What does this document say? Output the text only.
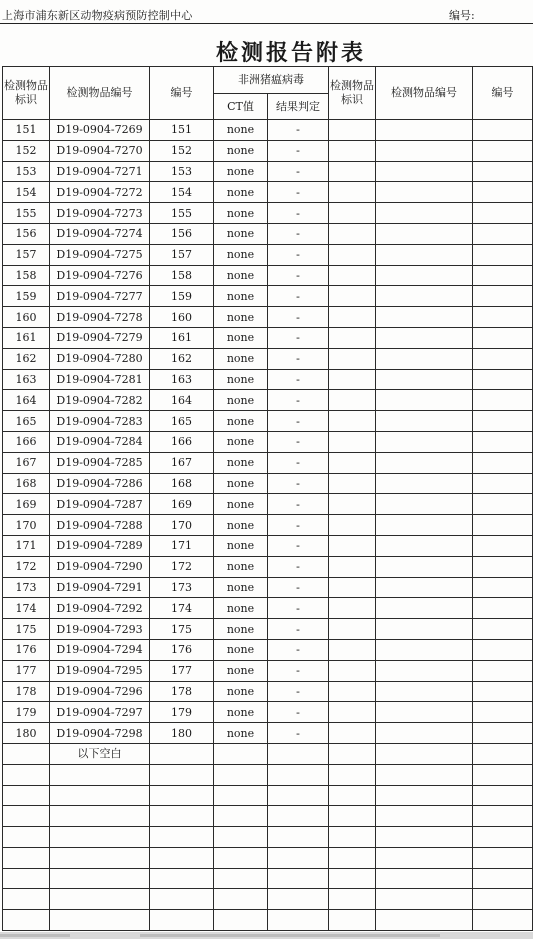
上海市浦东新区动物疫病预防控制中心	编号:
检测报告附表
检测物品标识	检测物品编号	编号	非洲猪瘟病毒		检测物品标识	检测物品编号	编号
			CT值	结果判定			
151	D19-0904-7269	151	none	-			
152	D19-0904-7270	152	none	-			
153	D19-0904-7271	153	none	-			
154	D19-0904-7272	154	none	-			
155	D19-0904-7273	155	none	-			
156	D19-0904-7274	156	none	-			
157	D19-0904-7275	157	none	-			
158	D19-0904-7276	158	none	-			
159	D19-0904-7277	159	none	-			
160	D19-0904-7278	160	none	-			
161	D19-0904-7279	161	none	-			
162	D19-0904-7280	162	none	-			
163	D19-0904-7281	163	none	-			
164	D19-0904-7282	164	none	-			
165	D19-0904-7283	165	none	-			
166	D19-0904-7284	166	none	-			
167	D19-0904-7285	167	none	-			
168	D19-0904-7286	168	none	-			
169	D19-0904-7287	169	none	-			
170	D19-0904-7288	170	none	-			
171	D19-0904-7289	171	none	-			
172	D19-0904-7290	172	none	-			
173	D19-0904-7291	173	none	-			
174	D19-0904-7292	174	none	-			
175	D19-0904-7293	175	none	-			
176	D19-0904-7294	176	none	-			
177	D19-0904-7295	177	none	-			
178	D19-0904-7296	178	none	-			
179	D19-0904-7297	179	none	-			
180	D19-0904-7298	180	none	-			
	以下空白						
